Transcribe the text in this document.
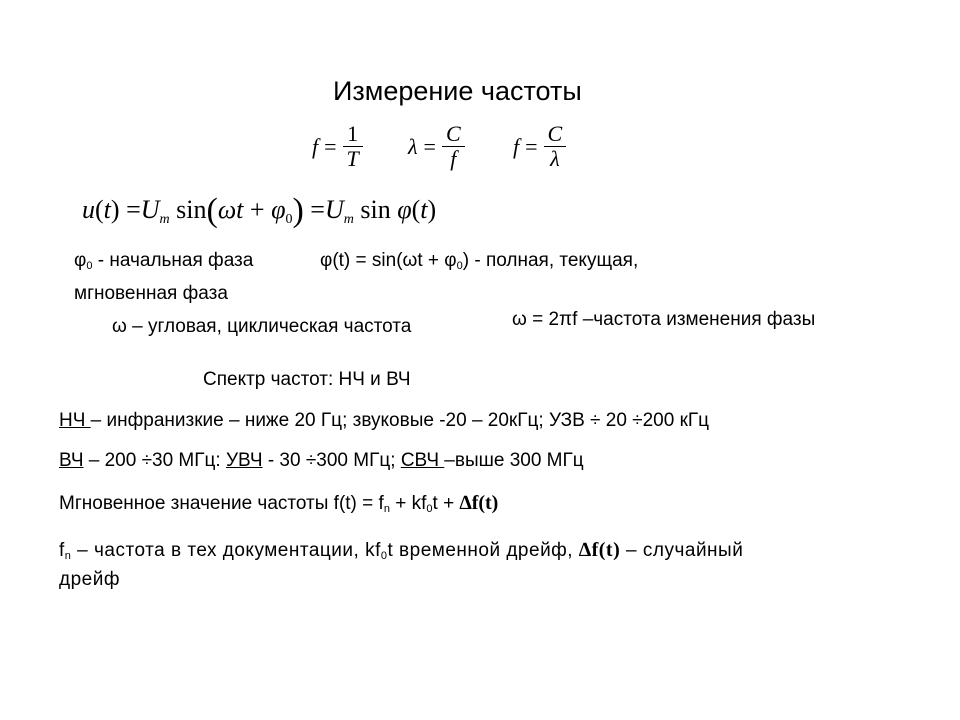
Измерение частоты
$f = \frac{1}{T}$ $\lambda = \frac{C}{f}$ $f = \frac{C}{\lambda}$
u(t) =Um sin(ωt + φ0) =Um sin φ(t)
$\varphi_0$ - начальная фаза	$\varphi(t) = \sin(\omega t + \varphi_0)$ - полная, текущая,
мгновенная фаза
ω = 2πf –частота изменения фазы
ω – угловая, циклическая частота
Спектр частот: НЧ и ВЧ
НЧ – инфранизкие – ниже 20 Гц; звуковые -20 – 20кГц; УЗВ ÷ 20 ÷200 кГц
ВЧ – 200 ÷30 МГц: УВЧ - 30 ÷300 МГц; СВЧ –выше 300 МГц
Мгновенное значение частоты $f(t) = f_n + kf_0t + \Delta f(t)$
$f_n$ – частота в тех документации, $kf_0t$ временной дрейф, ∆f(t) – случайный
дрейф
